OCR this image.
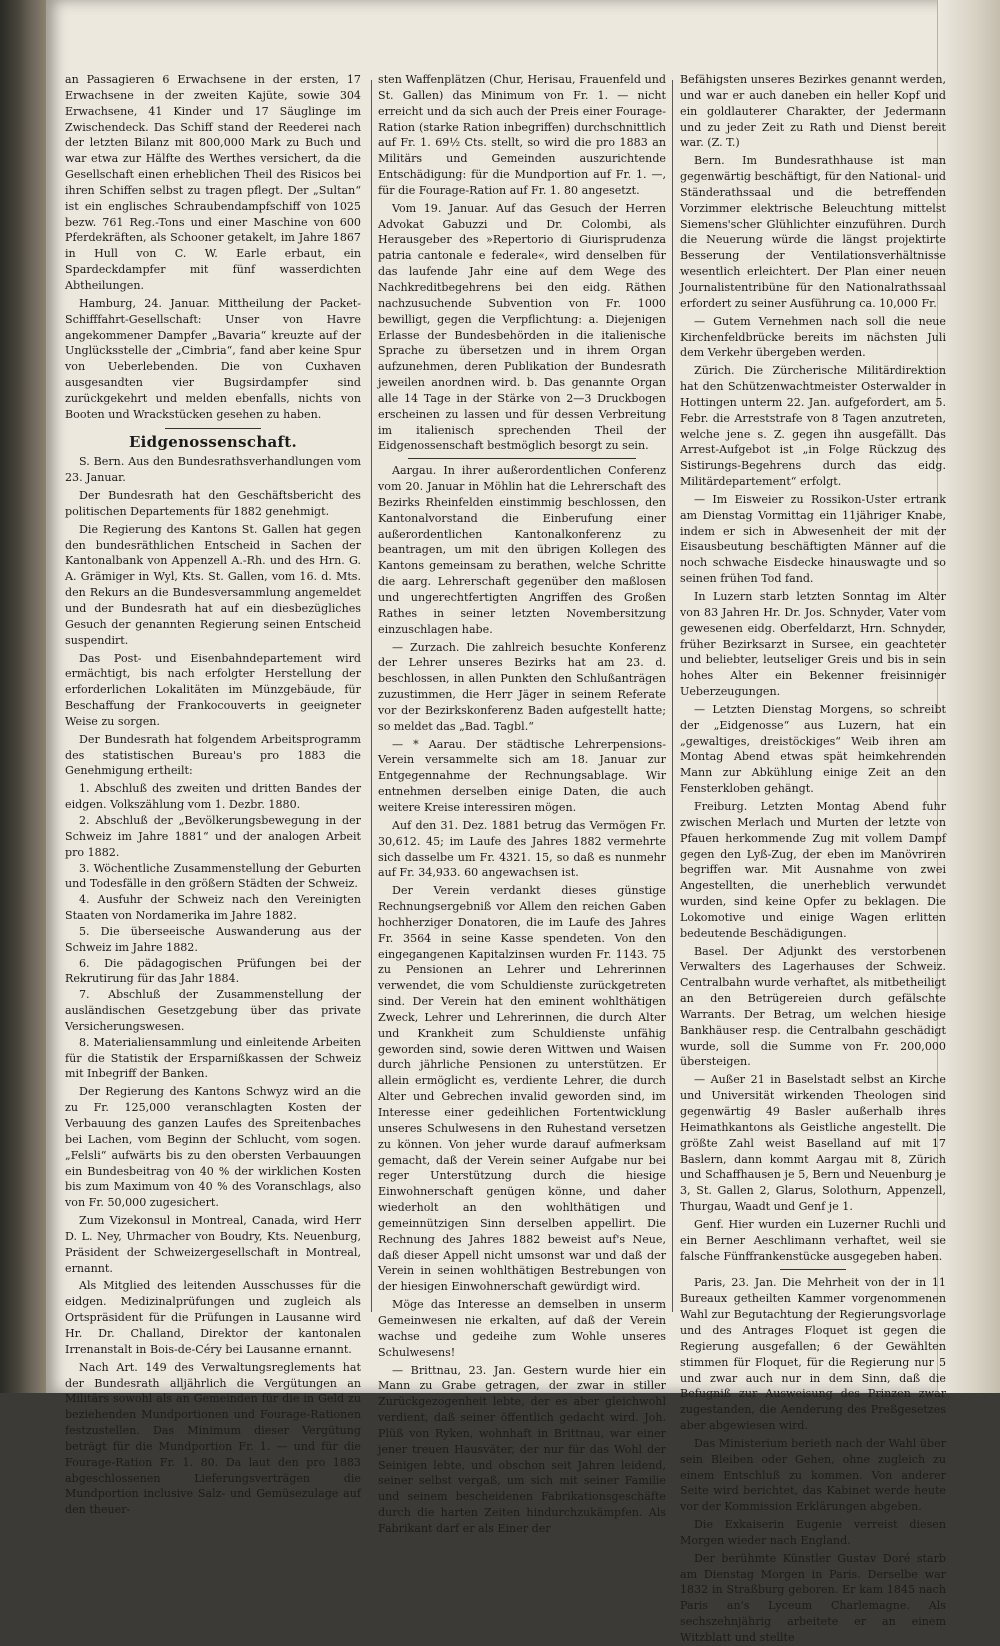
an Passagieren 6 Erwachsene in der ersten, 17 Erwachsene in der zweiten Kajüte, sowie 304 Erwachsene, 41 Kinder und 17 Säuglinge im Zwischendeck. Das Schiff stand der Reederei nach der letzten Bilanz mit 800,000 Mark zu Buch und war etwa zur Hälfte des Werthes versichert, da die Gesellschaft einen erheblichen Theil des Risicos bei ihren Schiffen selbst zu tragen pflegt. Der „Sultan“ ist ein englisches Schraubendampfschiff von 1025 bezw. 761 Reg.-Tons und einer Maschine von 600 Pferdekräften, als Schooner getakelt, im Jahre 1867 in Hull von C. W. Earle erbaut, ein Spardeckdampfer mit fünf wasserdichten Abtheilungen.

Hamburg, 24. Januar. Mittheilung der Packet-Schifffahrt-Gesellschaft: Unser von Havre angekommener Dampfer „Bavaria“ kreuzte auf der Unglücksstelle der „Cimbria“, fand aber keine Spur von Ueberlebenden. Die von Cuxhaven ausgesandten vier Bugsirdampfer sind zurückgekehrt und melden ebenfalls, nichts von Booten und Wrackstücken gesehen zu haben.

Eidgenossenschaft.

S. Bern. Aus den Bundesrathsverhandlungen vom 23. Januar.

Der Bundesrath hat den Geschäftsbericht des politischen Departements für 1882 genehmigt.

Die Regierung des Kantons St. Gallen hat gegen den bundesräthlichen Entscheid in Sachen der Kantonalbank von Appenzell A.-Rh. und des Hrn. G. A. Grämiger in Wyl, Kts. St. Gallen, vom 16. d. Mts. den Rekurs an die Bundesversammlung angemeldet und der Bundesrath hat auf ein diesbezügliches Gesuch der genannten Regierung seinen Entscheid suspendirt.

Das Post- und Eisenbahndepartement wird ermächtigt, bis nach erfolgter Herstellung der erforderlichen Lokalitäten im Münzgebäude, für Beschaffung der Frankocouverts in geeigneter Weise zu sorgen.

Der Bundesrath hat folgendem Arbeitsprogramm des statistischen Bureau's pro 1883 die Genehmigung ertheilt:

1. Abschluß des zweiten und dritten Bandes der eidgen. Volkszählung vom 1. Dezbr. 1880.

2. Abschluß der „Bevölkerungsbewegung in der Schweiz im Jahre 1881“ und der analogen Arbeit pro 1882.

3. Wöchentliche Zusammenstellung der Geburten und Todesfälle in den größern Städten der Schweiz.

4. Ausfuhr der Schweiz nach den Vereinigten Staaten von Nordamerika im Jahre 1882.

5. Die überseeische Auswanderung aus der Schweiz im Jahre 1882.

6. Die pädagogischen Prüfungen bei der Rekrutirung für das Jahr 1884.

7. Abschluß der Zusammenstellung der ausländischen Gesetzgebung über das private Versicherungswesen.

8. Materialiensammlung und einleitende Arbeiten für die Statistik der Ersparnißkassen der Schweiz mit Inbegriff der Banken.

Der Regierung des Kantons Schwyz wird an die zu Fr. 125,000 veranschlagten Kosten der Verbauung des ganzen Laufes des Spreitenbaches bei Lachen, vom Beginn der Schlucht, vom sogen. „Felsli“ aufwärts bis zu den obersten Verbauungen ein Bundesbeitrag von 40 % der wirklichen Kosten bis zum Maximum von 40 % des Voranschlags, also von Fr. 50,000 zugesichert.

Zum Vizekonsul in Montreal, Canada, wird Herr D. L. Ney, Uhrmacher von Boudry, Kts. Neuenburg, Präsident der Schweizergesellschaft in Montreal, ernannt.

Als Mitglied des leitenden Ausschusses für die eidgen. Medizinalprüfungen und zugleich als Ortspräsident für die Prüfungen in Lausanne wird Hr. Dr. Challand, Direktor der kantonalen Irrenanstalt in Bois-de-Céry bei Lausanne ernannt.

Nach Art. 149 des Verwaltungsreglements hat der Bundesrath alljährlich die Vergütungen an Militärs sowohl als an Gemeinden für die in Geld zu beziehenden Mundportionen und Fourage-Rationen festzustellen. Das Minimum dieser Vergütung beträgt für die Mundportion Fr. 1. — und für die Fourage-Ration Fr. 1. 80. Da laut den pro 1883 abgeschlossenen Lieferungsverträgen die Mundportion inclusive Salz- und Gemüsezulage auf den theuer-

sten Waffenplätzen (Chur, Herisau, Frauenfeld und St. Gallen) das Minimum von Fr. 1. — nicht erreicht und da sich auch der Preis einer Fourage-Ration (starke Ration inbegriffen) durchschnittlich auf Fr. 1. 69½ Cts. stellt, so wird die pro 1883 an Militärs und Gemeinden auszurichtende Entschädigung: für die Mundportion auf Fr. 1. —, für die Fourage-Ration auf Fr. 1. 80 angesetzt.

Vom 19. Januar. Auf das Gesuch der Herren Advokat Gabuzzi und Dr. Colombi, als Herausgeber des »Repertorio di Giurisprudenza patria cantonale e federale«, wird denselben für das laufende Jahr eine auf dem Wege des Nachkreditbegehrens bei den eidg. Räthen nachzusuchende Subvention von Fr. 1000 bewilligt, gegen die Verpflichtung: a. Diejenigen Erlasse der Bundesbehörden in die italienische Sprache zu übersetzen und in ihrem Organ aufzunehmen, deren Publikation der Bundesrath jeweilen anordnen wird. b. Das genannte Organ alle 14 Tage in der Stärke von 2—3 Druckbogen erscheinen zu lassen und für dessen Verbreitung im italienisch sprechenden Theil der Eidgenossenschaft bestmöglich besorgt zu sein.

Aargau. In ihrer außerordentlichen Conferenz vom 20. Januar in Möhlin hat die Lehrerschaft des Bezirks Rheinfelden einstimmig beschlossen, den Kantonalvorstand die Einberufung einer außerordentlichen Kantonalkonferenz zu beantragen, um mit den übrigen Kollegen des Kantons gemeinsam zu berathen, welche Schritte die aarg. Lehrerschaft gegenüber den maßlosen und ungerechtfertigten Angriffen des Großen Rathes in seiner letzten Novembersitzung einzuschlagen habe.

— Zurzach. Die zahlreich besuchte Konferenz der Lehrer unseres Bezirks hat am 23. d. beschlossen, in allen Punkten den Schlußanträgen zuzustimmen, die Herr Jäger in seinem Referate vor der Bezirkskonferenz Baden aufgestellt hatte; so meldet das „Bad. Tagbl.“

— * Aarau. Der städtische Lehrerpensions-Verein versammelte sich am 18. Januar zur Entgegennahme der Rechnungsablage. Wir entnehmen derselben einige Daten, die auch weitere Kreise interessiren mögen.

Auf den 31. Dez. 1881 betrug das Vermögen Fr. 30,612. 45; im Laufe des Jahres 1882 vermehrte sich dasselbe um Fr. 4321. 15, so daß es nunmehr auf Fr. 34,933. 60 angewachsen ist.

Der Verein verdankt dieses günstige Rechnungsergebniß vor Allem den reichen Gaben hochherziger Donatoren, die im Laufe des Jahres Fr. 3564 in seine Kasse spendeten. Von den eingegangenen Kapitalzinsen wurden Fr. 1143. 75 zu Pensionen an Lehrer und Lehrerinnen verwendet, die vom Schuldienste zurückgetreten sind. Der Verein hat den eminent wohlthätigen Zweck, Lehrer und Lehrerinnen, die durch Alter und Krankheit zum Schuldienste unfähig geworden sind, sowie deren Wittwen und Waisen durch jährliche Pensionen zu unterstützen. Er allein ermöglicht es, verdiente Lehrer, die durch Alter und Gebrechen invalid geworden sind, im Interesse einer gedeihlichen Fortentwicklung unseres Schulwesens in den Ruhestand versetzen zu können. Von jeher wurde darauf aufmerksam gemacht, daß der Verein seiner Aufgabe nur bei reger Unterstützung durch die hiesige Einwohnerschaft genügen könne, und daher wiederholt an den wohlthätigen und gemeinnützigen Sinn derselben appellirt. Die Rechnung des Jahres 1882 beweist auf's Neue, daß dieser Appell nicht umsonst war und daß der Verein in seinen wohlthätigen Bestrebungen von der hiesigen Einwohnerschaft gewürdigt wird.

Möge das Interesse an demselben in unserm Gemeinwesen nie erkalten, auf daß der Verein wachse und gedeihe zum Wohle unseres Schulwesens!

— Brittnau, 23. Jan. Gestern wurde hier ein Mann zu Grabe getragen, der zwar in stiller Zurückgezogenheit lebte, der es aber gleichwohl verdient, daß seiner öffentlich gedacht wird. Joh. Plüß von Ryken, wohnhaft in Brittnau, war einer jener treuen Hausväter, der nur für das Wohl der Seinigen lebte, und obschon seit Jahren leidend, seiner selbst vergaß, um sich mit seiner Familie und seinem bescheidenen Fabrikationsgeschäfte durch die harten Zeiten hindurchzukämpfen. Als Fabrikant darf er als Einer der

Befähigsten unseres Bezirkes genannt werden, und war er auch daneben ein heller Kopf und ein goldlauterer Charakter, der Jedermann und zu jeder Zeit zu Rath und Dienst bereit war. (Z. T.)

Bern. Im Bundesrathhause ist man gegenwärtig beschäftigt, für den National- und Ständerathssaal und die betreffenden Vorzimmer elektrische Beleuchtung mittelst Siemens'scher Glühlichter einzuführen. Durch die Neuerung würde die längst projektirte Besserung der Ventilationsverhältnisse wesentlich erleichtert. Der Plan einer neuen Journalistentribüne für den Nationalrathssaal erfordert zu seiner Ausführung ca. 10,000 Fr.

— Gutem Vernehmen nach soll die neue Kirchenfeldbrücke bereits im nächsten Juli dem Verkehr übergeben werden.

Zürich. Die Zürcherische Militärdirektion hat den Schützenwachtmeister Osterwalder in Hottingen unterm 22. Jan. aufgefordert, am 5. Febr. die Arreststrafe von 8 Tagen anzutreten, welche jene s. Z. gegen ihn ausgefällt. Das Arrest-Aufgebot ist „in Folge Rückzug des Sistirungs-Begehrens durch das eidg. Militärdepartement“ erfolgt.

— Im Eisweier zu Rossikon-Uster ertrank am Dienstag Vormittag ein 11jähriger Knabe, indem er sich in Abwesenheit der mit der Eisausbeutung beschäftigten Männer auf die noch schwache Eisdecke hinauswagte und so seinen frühen Tod fand.

In Luzern starb letzten Sonntag im Alter von 83 Jahren Hr. Dr. Jos. Schnyder, Vater vom gewesenen eidg. Oberfeldarzt, Hrn. Schnyder, früher Bezirksarzt in Sursee, ein geachteter und beliebter, leutseliger Greis und bis in sein hohes Alter ein Bekenner freisinniger Ueberzeugungen.

— Letzten Dienstag Morgens, so schreibt der „Eidgenosse“ aus Luzern, hat ein „gewaltiges, dreistöckiges“ Weib ihren am Montag Abend etwas spät heimkehrenden Mann zur Abkühlung einige Zeit an den Fensterkloben gehängt.

Freiburg. Letzten Montag Abend fuhr zwischen Merlach und Murten der letzte von Pfauen herkommende Zug mit vollem Dampf gegen den Lyß-Zug, der eben im Manövriren begriffen war. Mit Ausnahme von zwei Angestellten, die unerheblich verwundet wurden, sind keine Opfer zu beklagen. Die Lokomotive und einige Wagen erlitten bedeutende Beschädigungen.

Basel. Der Adjunkt des verstorbenen Verwalters des Lagerhauses der Schweiz. Centralbahn wurde verhaftet, als mitbetheiligt an den Betrügereien durch gefälschte Warrants. Der Betrag, um welchen hiesige Bankhäuser resp. die Centralbahn geschädigt wurde, soll die Summe von Fr. 200,000 übersteigen.

— Außer 21 in Baselstadt selbst an Kirche und Universität wirkenden Theologen sind gegenwärtig 49 Basler außerhalb ihres Heimathkantons als Geistliche angestellt. Die größte Zahl weist Baselland auf mit 17 Baslern, dann kommt Aargau mit 8, Zürich und Schaffhausen je 5, Bern und Neuenburg je 3, St. Gallen 2, Glarus, Solothurn, Appenzell, Thurgau, Waadt und Genf je 1.

Genf. Hier wurden ein Luzerner Ruchli und ein Berner Aeschlimann verhaftet, weil sie falsche Fünffrankenstücke ausgegeben haben.

Paris, 23. Jan. Die Mehrheit von der in 11 Bureaux getheilten Kammer vorgenommenen Wahl zur Begutachtung der Regierungsvorlage und des Antrages Floquet ist gegen die Regierung ausgefallen; 6 der Gewählten stimmen für Floquet, für die Regierung nur 5 und zwar auch nur in dem Sinn, daß die Befugniß zur Ausweisung des Prinzen zwar zugestanden, die Aenderung des Preßgesetzes aber abgewiesen wird.

Das Ministerium berieth nach der Wahl über sein Bleiben oder Gehen, ohne zugleich zu einem Entschluß zu kommen. Von anderer Seite wird berichtet, das Kabinet werde heute vor der Kommission Erklärungen abgeben.

Die Exkaiserin Eugenie verreist diesen Morgen wieder nach England.

Der berühmte Künstler Gustav Doré starb am Dienstag Morgen in Paris. Derselbe war 1832 in Straßburg geboren. Er kam 1845 nach Paris an's Lyceum Charlemagne. Als sechszehnjährig arbeitete er an einem Witzblatt und stellte
